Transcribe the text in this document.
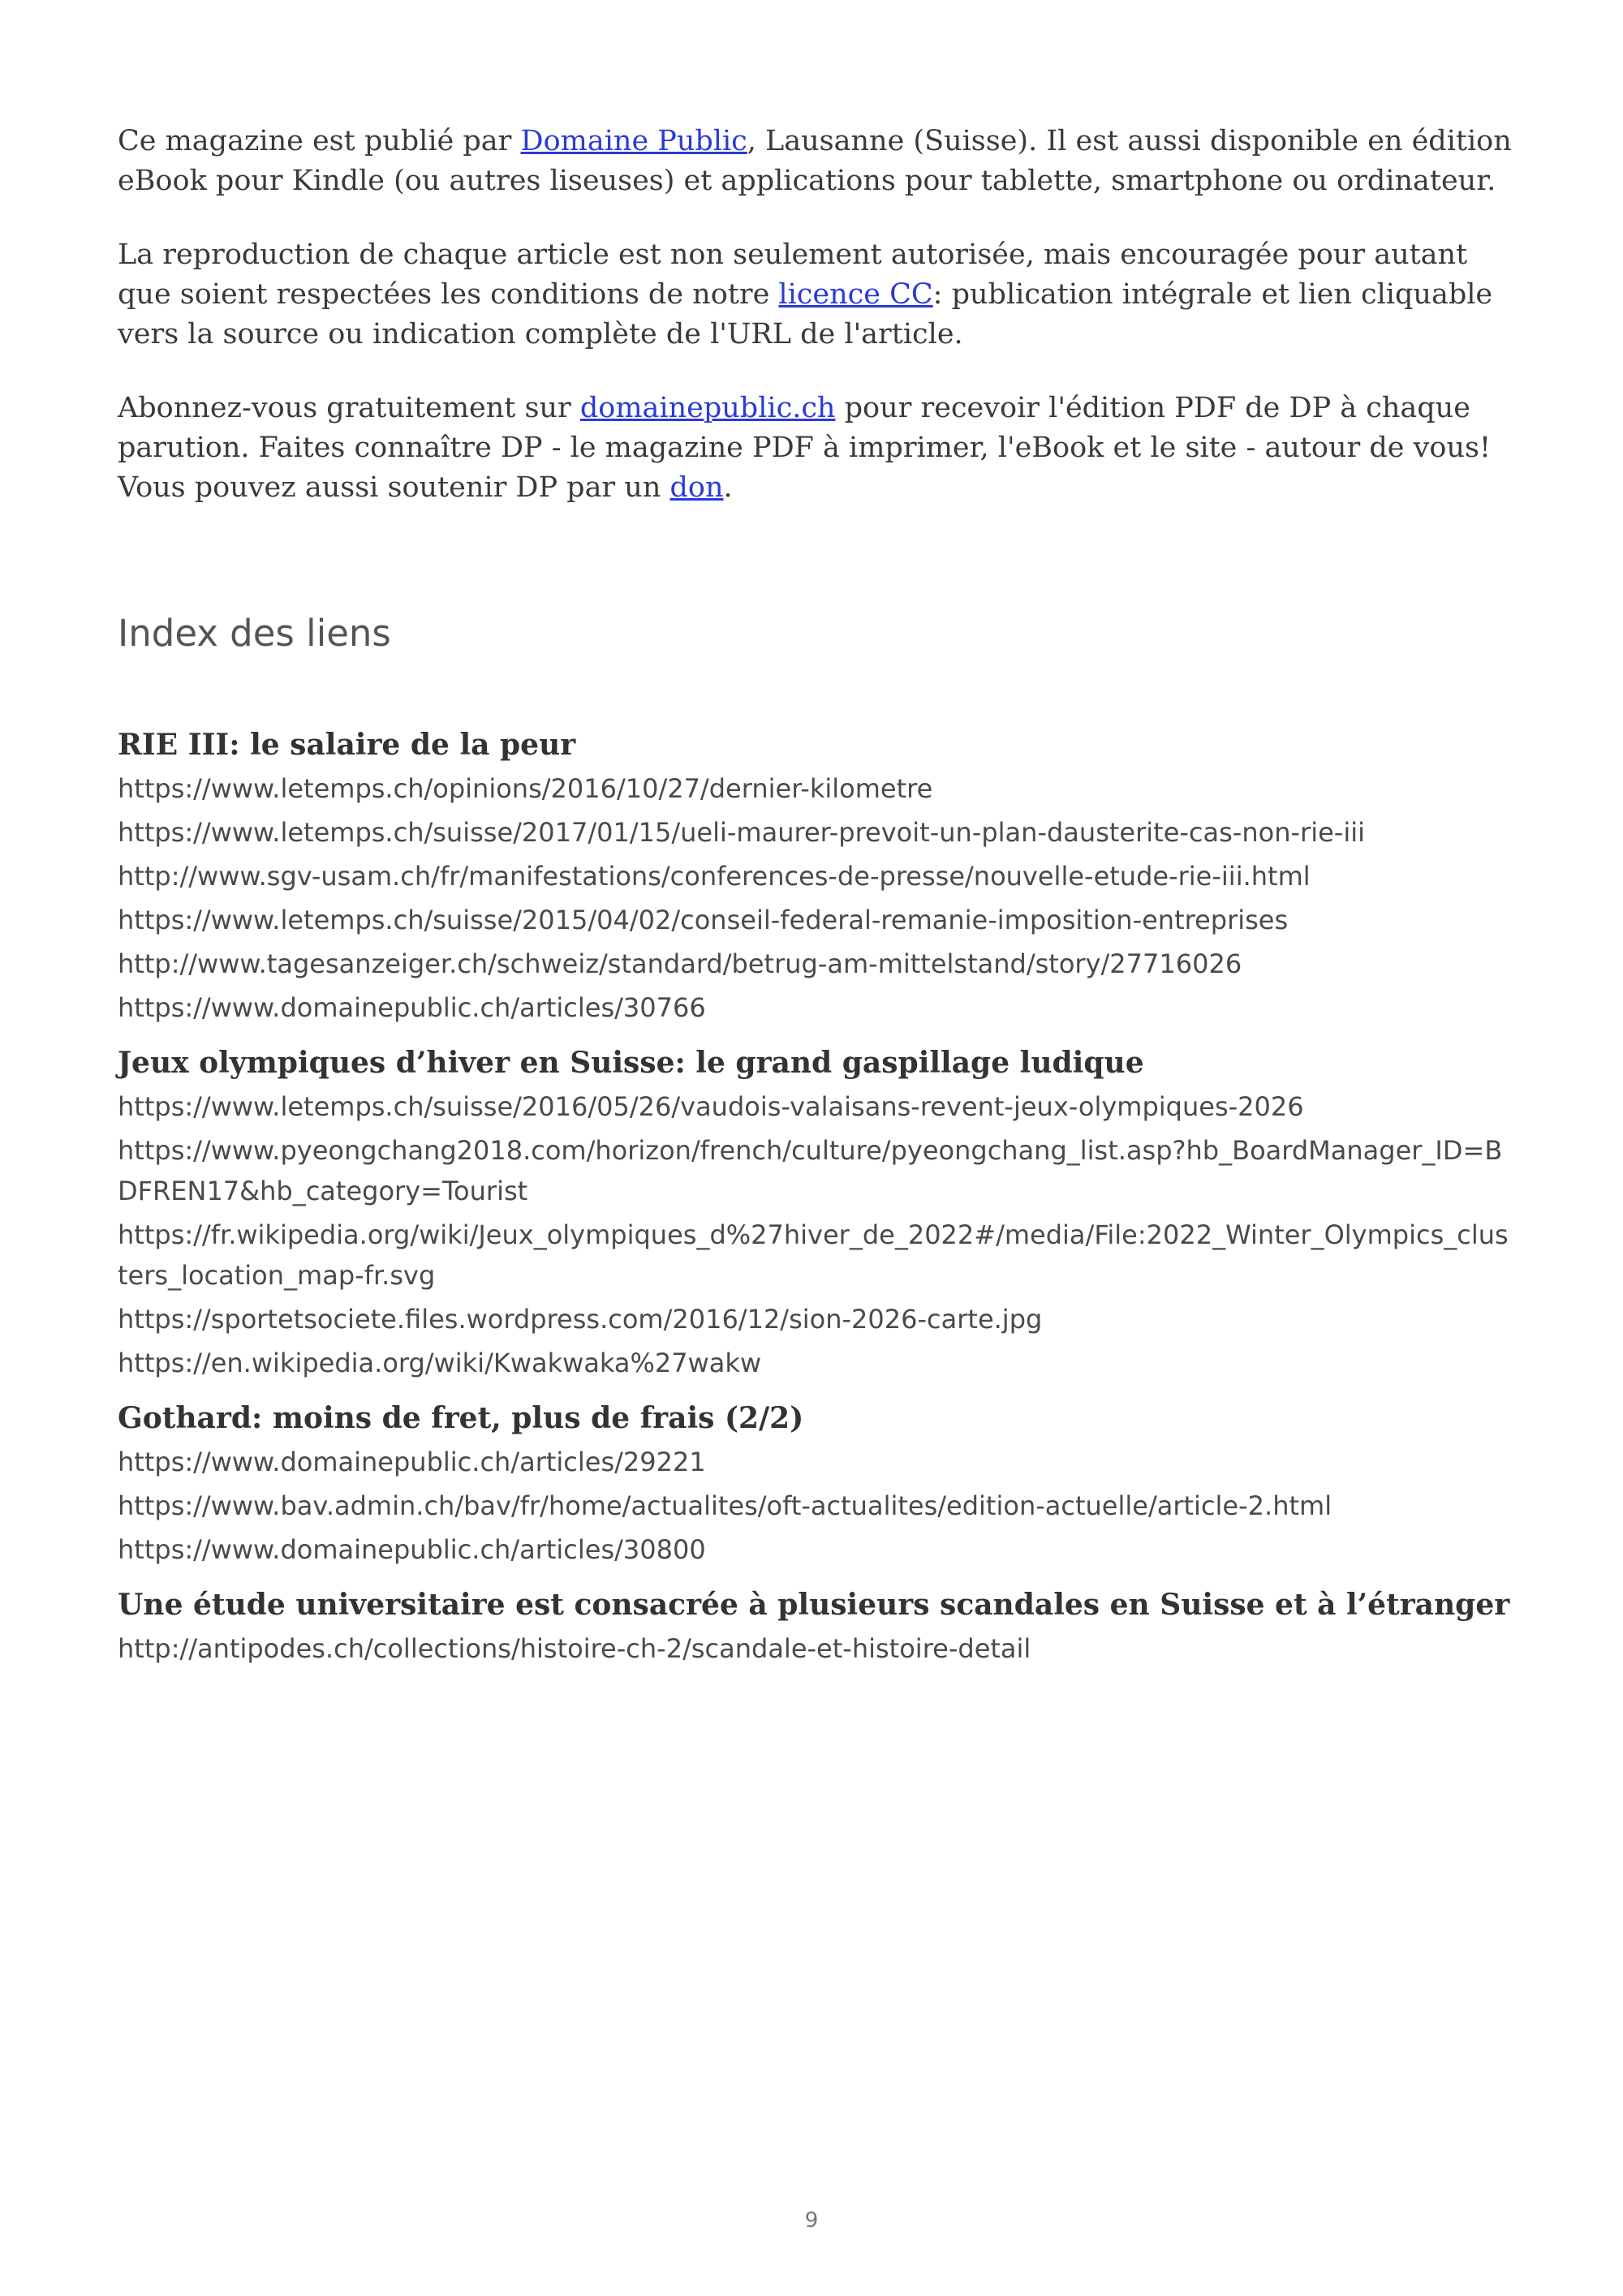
Ce magazine est publié par Domaine Public, Lausanne (Suisse). Il est aussi disponible en édition eBook pour Kindle (ou autres liseuses) et applications pour tablette, smartphone ou ordinateur.

La reproduction de chaque article est non seulement autorisée, mais encouragée pour autant que soient respectées les conditions de notre licence CC: publication intégrale et lien cliquable vers la source ou indication complète de l'URL de l'article.

Abonnez-vous gratuitement sur domainepublic.ch pour recevoir l'édition PDF de DP à chaque parution. Faites connaître DP - le magazine PDF à imprimer, l'eBook et le site - autour de vous! Vous pouvez aussi soutenir DP par un don.

Index des liens
RIE III: le salaire de la peur
https://www.letemps.ch/opinions/2016/10/27/dernier-kilometre
https://www.letemps.ch/suisse/2017/01/15/ueli-maurer-prevoit-un-plan-dausterite-cas-non-rie-iii
http://www.sgv-usam.ch/fr/manifestations/conferences-de-presse/nouvelle-etude-rie-iii.html
https://www.letemps.ch/suisse/2015/04/02/conseil-federal-remanie-imposition-entreprises
http://www.tagesanzeiger.ch/schweiz/standard/betrug-am-mittelstand/story/27716026
https://www.domainepublic.ch/articles/30766
Jeux olympiques d’hiver en Suisse: le grand gaspillage ludique
https://www.letemps.ch/suisse/2016/05/26/vaudois-valaisans-revent-jeux-olympiques-2026
https://www.pyeongchang2018.com/horizon/french/culture/pyeongchang_list.asp?hb_BoardManager_ID=BDFREN17&hb_category=Tourist
https://fr.wikipedia.org/wiki/Jeux_olympiques_d%27hiver_de_2022#/media/File:2022_Winter_Olympics_clusters_location_map-fr.svg
https://sportetsociete.files.wordpress.com/2016/12/sion-2026-carte.jpg
https://en.wikipedia.org/wiki/Kwakwaka%27wakw
Gothard: moins de fret, plus de frais (2/2)
https://www.domainepublic.ch/articles/29221
https://www.bav.admin.ch/bav/fr/home/actualites/oft-actualites/edition-actuelle/article-2.html
https://www.domainepublic.ch/articles/30800
Une étude universitaire est consacrée à plusieurs scandales en Suisse et à l’étranger
http://antipodes.ch/collections/histoire-ch-2/scandale-et-histoire-detail
9
